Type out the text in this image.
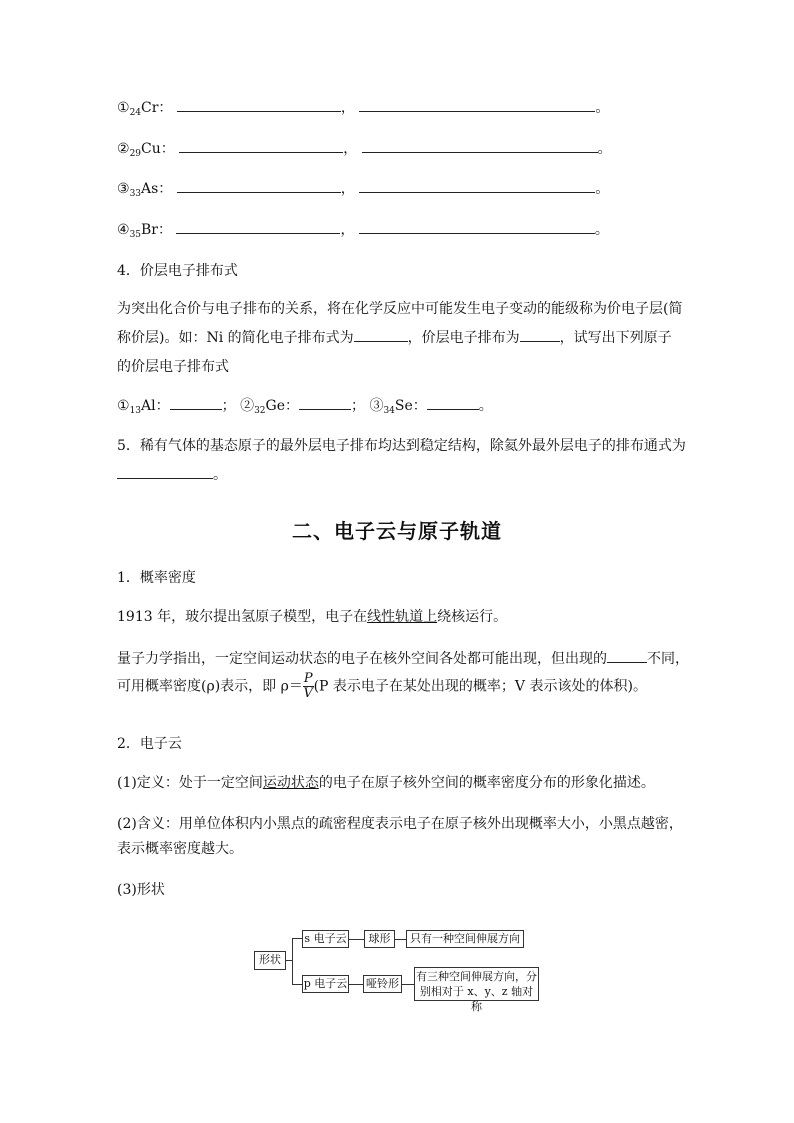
$①_{24}Cr$：	，	。
$②_{29}Cu$：	，	。
$③_{33}As$：	，	。
$④_{35}Br$：	，	。
4．价层电子排布式
为突出化合价与电子排布的关系，将在化学反应中可能发生电子变动的能级称为价电子层(简
称价层)。如：Ni 的简化电子排布式为	，价层电子排布为	，试写出下列原子
的价层电子排布式
$①_{13}Al$：	； $②_{32}Ge$：	； $③_{34}Se$：	。
5．稀有气体的基态原子的最外层电子排布均达到稳定结构，除氦外最外层电子的排布通式为
。
二、电子云与原子轨道
1．概率密度
1913 年，玻尔提出氢原子模型，电子在线性轨道上绕核运行。
量子力学指出，一定空间运动状态的电子在核外空间各处都可能出现，但出现的	不同，
可用概率密度(ρ)表示，即 $\rho= \frac{P}{V} (P$ 表示电子在某处出现的概率；V 表示该处的体积)。
2．电子云
(1)定义：处于一定空间运动状态的电子在原子核外空间的概率密度分布的形象化描述。
(2)含义：用单位体积内小黑点的疏密程度表示电子在原子核外出现概率大小，小黑点越密，
表示概率密度越大。
(3)形状
形状
s 电子云	球形	只有一种空间伸展方向
p 电子云 哑铃形
有三种空间伸展方向，分
别相对于 x、y、z 轴对称
